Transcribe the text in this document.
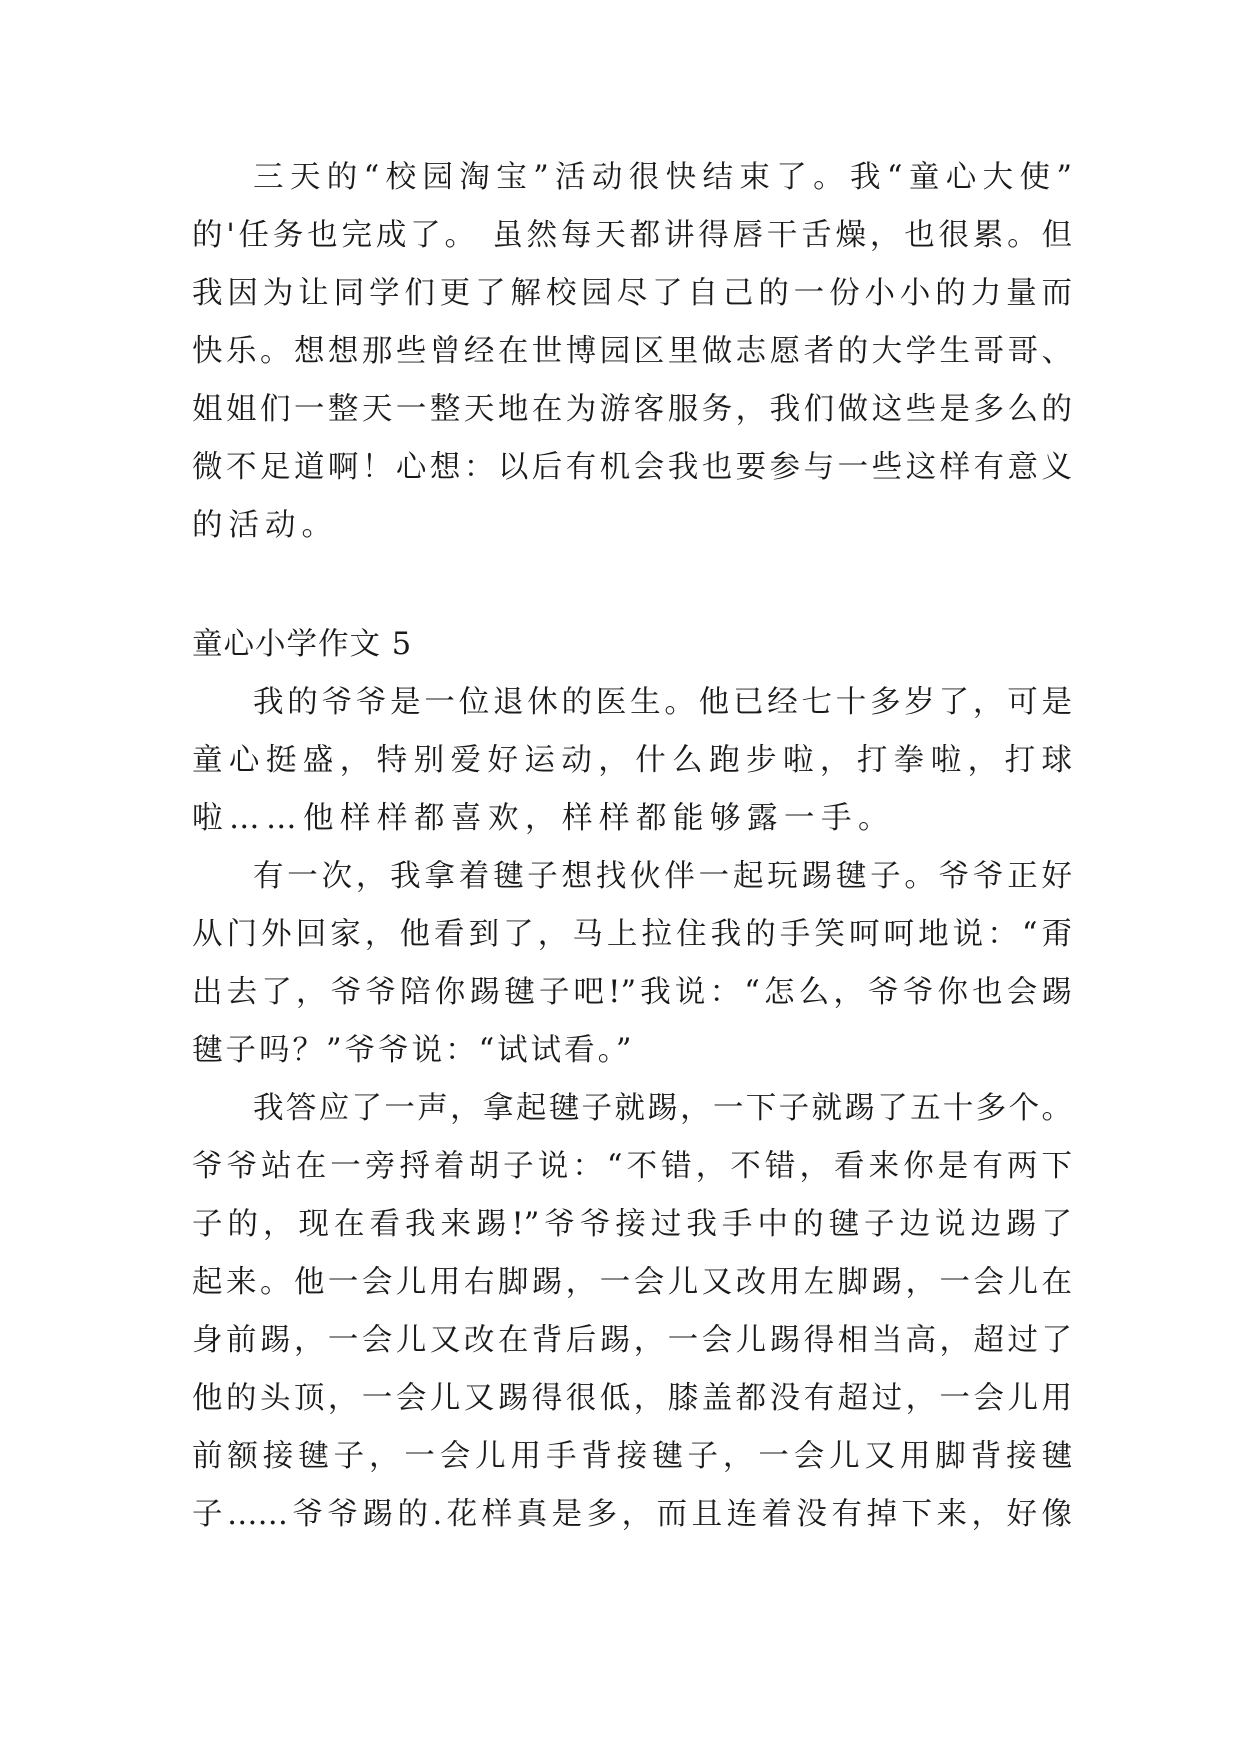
三天的“校园淘宝”活动很快结束了。我“童心大使”
的'任务也完成了。 虽然每天都讲得唇干舌燥，也很累。但
我因为让同学们更了解校园尽了自己的一份小小的力量而
快乐。想想那些曾经在世博园区里做志愿者的大学生哥哥、
姐姐们一整天一整天地在为游客服务，我们做这些是多么的
微不足道啊！心想：以后有机会我也要参与一些这样有意义
的活动。
童心小学作文 5
我的爷爷是一位退休的医生。他已经七十多岁了，可是
童心挺盛，特别爱好运动，什么跑步啦，打拳啦，打球
啦……他样样都喜欢，样样都能够露一手。
有一次，我拿着毽子想找伙伴一起玩踢毽子。爷爷正好
从门外回家，他看到了，马上拉住我的手笑呵呵地说：“甭
出去了，爷爷陪你踢毽子吧!”我说：“怎么，爷爷你也会踢
毽子吗？”爷爷说：“试试看。”
我答应了一声，拿起毽子就踢，一下子就踢了五十多个。
爷爷站在一旁捋着胡子说：“不错，不错，看来你是有两下
子的，现在看我来踢!”爷爷接过我手中的毽子边说边踢了
起来。他一会儿用右脚踢，一会儿又改用左脚踢，一会儿在
身前踢，一会儿又改在背后踢，一会儿踢得相当高，超过了
他的头顶，一会儿又踢得很低，膝盖都没有超过，一会儿用
前额接毽子，一会儿用手背接毽子，一会儿又用脚背接毽
子……爷爷踢的.花样真是多，而且连着没有掉下来，好像
